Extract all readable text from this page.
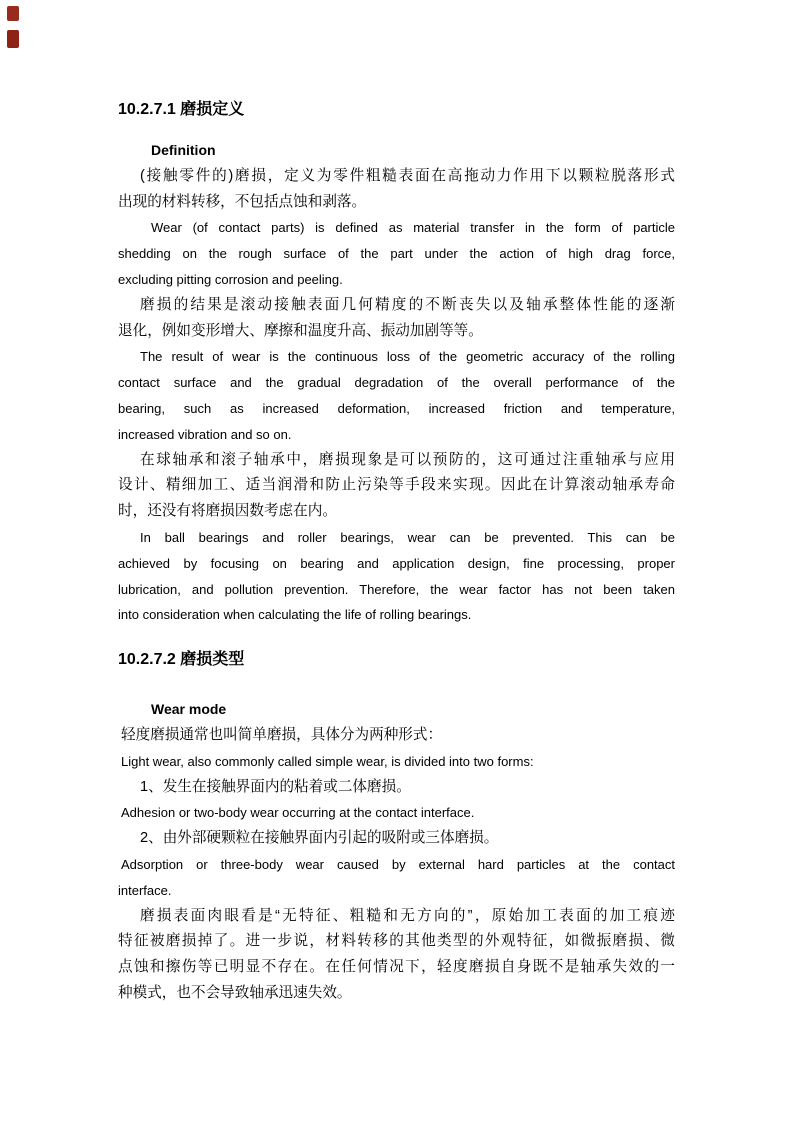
10.2.7.1 磨损定义
Definition
(接触零件的)磨损，定义为零件粗糙表面在高拖动力作用下以颗粒脱落形式
出现的材料转移，不包括点蚀和剥落。
Wear (of contact parts) is defined as material transfer in the form of particle
shedding on the rough surface of the part under the action of high drag force,
excluding pitting corrosion and peeling.
磨损的结果是滚动接触表面几何精度的不断丧失以及轴承整体性能的逐渐
退化，例如变形增大、摩擦和温度升高、振动加剧等等。
The result of wear is the continuous loss of the geometric accuracy of the rolling
contact surface and the gradual degradation of the overall performance of the
bearing, such as increased deformation, increased friction and temperature,
increased vibration and so on.
在球轴承和滚子轴承中，磨损现象是可以预防的，这可通过注重轴承与应用
设计、精细加工、适当润滑和防止污染等手段来实现。因此在计算滚动轴承寿命
时，还没有将磨损因数考虑在内。
In ball bearings and roller bearings, wear can be prevented. This can be
achieved by focusing on bearing and application design, fine processing, proper
lubrication, and pollution prevention. Therefore, the wear factor has not been taken
into consideration when calculating the life of rolling bearings.
10.2.7.2 磨损类型
Wear mode
轻度磨损通常也叫简单磨损，具体分为两种形式：
Light wear, also commonly called simple wear, is divided into two forms:
1、发生在接触界面内的粘着或二体磨损。
Adhesion or two-body wear occurring at the contact interface.
2、由外部硬颗粒在接触界面内引起的吸附或三体磨损。
Adsorption or three-body wear caused by external hard particles at the contact
interface.
磨损表面肉眼看是“无特征、粗糙和无方向的”，原始加工表面的加工痕迹
特征被磨损掉了。进一步说，材料转移的其他类型的外观特征，如微振磨损、微
点蚀和擦伤等已明显不存在。在任何情况下，轻度磨损自身既不是轴承失效的一
种模式，也不会导致轴承迅速失效。
